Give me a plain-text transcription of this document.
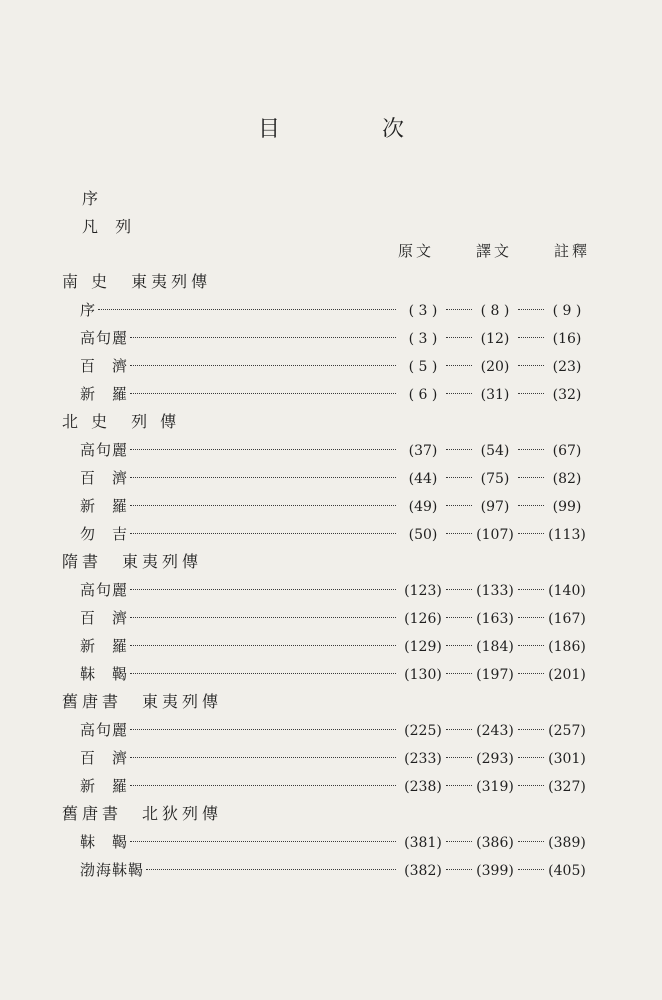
目　次
序
凡 列
原文	譯文	註釋
南 史　東夷列傳
序	( 3 )	( 8 )	( 9 )
高句麗	( 3 )	(12)	(16)
百　濟	( 5 )	(20)	(23)
新　羅	( 6 )	(31)	(32)
北 史　列 傳
高句麗	(37)	(54)	(67)
百　濟	(44)	(75)	(82)
新　羅	(49)	(97)	(99)
勿　吉	(50)	(107) (113)
隋書　東夷列傳
高句麗	(123) (133) (140)
百　濟	(126) (163) (167)
新　羅	(129) (184) (186)
靺　鞨	(130) (197) (201)
舊唐書　東夷列傳
高句麗	(225) (243) (257)
百　濟	(233) (293) (301)
新　羅	(238) (319) (327)
舊唐書　北狄列傳
靺　鞨	(381) (386) (389)
渤海靺鞨	(382) (399) (405)
